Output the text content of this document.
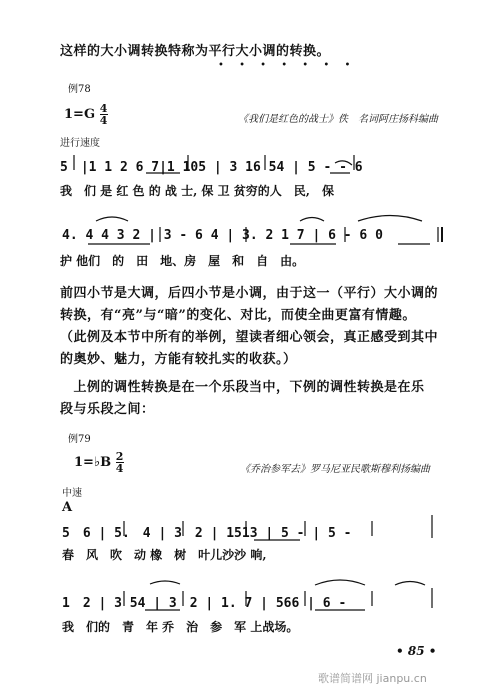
这样的大小调转换特称为平行大小调的转换。
• • • • • • •
例78
$1=G \frac{4}{4}$	《我们是红色的战士》佚　名词阿庄扬科编曲
进行速度
5　|1 1 2 6 7|1 105 | 3 16 54 | 5 - - 6
我　们 是 红 色 的 战 士, 保 卫 贫穷的人　民,　保
4. 4 4 3 2 | 3 - 6 4 | 3. 2 1 7 | 6 - 6 0
护 他们　的　田　地、房　屋　和　自　由。
前四小节是大调，后四小节是小调，由于这一（平行）大小调的
转换，有“亮”与“暗”的变化、对比，而使全曲更富有情趣。
（此例及本节中所有的举例，望读者细心领会，真正感受到其中
的奥妙、魅力，方能有较扎实的收获。）
　上例的调性转换是在一个乐段当中，下例的调性转换是在乐
段与乐段之间：
例79
1=♭B $\frac{2}{4}$	《乔治参军去》罗马尼亚民歌斯穆利扬编曲
中速
A
5　6 | 5.　4 | 3　2 | 1513 | 5 - | 5 -
春　风　吹　动 橡　树　叶儿沙沙 响,
1　2 | 3 54 | 3　2 | 1. 7 | 566 | 6 -
我　们的　青　年 乔　治　参　军 上战场。
• 85 •
歌谱简谱网 jianpu.cn
